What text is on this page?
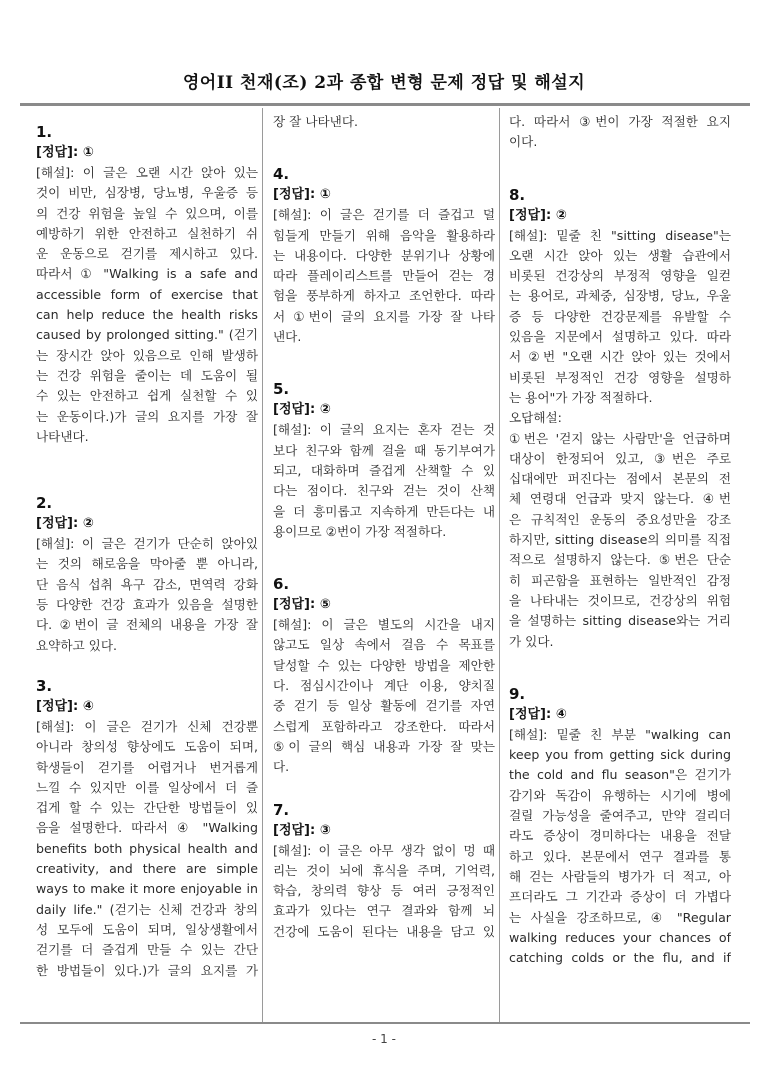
영어II 천재(조) 2과 종합 변형 문제 정답 및 해설지
1.
[정답]: ①
[해설]: 이 글은 오랜 시간 앉아 있는
것이 비만, 심장병, 당뇨병, 우울증 등
의 건강 위험을 높일 수 있으며, 이를
예방하기 위한 안전하고 실천하기 쉬
운 운동으로 걷기를 제시하고 있다.
따라서 ① "Walking is a safe and
accessible form of exercise that
can help reduce the health risks
caused by prolonged sitting." (걷기
는 장시간 앉아 있음으로 인해 발생하
는 건강 위험을 줄이는 데 도움이 될
수 있는 안전하고 쉽게 실천할 수 있
는 운동이다.)가 글의 요지를 가장 잘
나타낸다.
2.
[정답]: ②
[해설]: 이 글은 걷기가 단순히 앉아있
는 것의 해로움을 막아줄 뿐 아니라,
단 음식 섭취 욕구 감소, 면역력 강화
등 다양한 건강 효과가 있음을 설명한
다. ②번이 글 전체의 내용을 가장 잘
요약하고 있다.
3.
[정답]: ④
[해설]: 이 글은 걷기가 신체 건강뿐
아니라 창의성 향상에도 도움이 되며,
학생들이 걷기를 어렵거나 번거롭게
느낄 수 있지만 이를 일상에서 더 즐
겁게 할 수 있는 간단한 방법들이 있
음을 설명한다. 따라서 ④ "Walking
benefits both physical health and
creativity, and there are simple
ways to make it more enjoyable in
daily life." (걷기는 신체 건강과 창의
성 모두에 도움이 되며, 일상생활에서
걷기를 더 즐겁게 만들 수 있는 간단
한 방법들이 있다.)가 글의 요지를 가
장 잘 나타낸다.
4.
[정답]: ①
[해설]: 이 글은 걷기를 더 즐겁고 덜
힘들게 만들기 위해 음악을 활용하라
는 내용이다. 다양한 분위기나 상황에
따라 플레이리스트를 만들어 걷는 경
험을 풍부하게 하자고 조언한다. 따라
서 ①번이 글의 요지를 가장 잘 나타
낸다.
5.
[정답]: ②
[해설]: 이 글의 요지는 혼자 걷는 것
보다 친구와 함께 걸을 때 동기부여가
되고, 대화하며 즐겁게 산책할 수 있
다는 점이다. 친구와 걷는 것이 산책
을 더 흥미롭고 지속하게 만든다는 내
용이므로 ②번이 가장 적절하다.
6.
[정답]: ⑤
[해설]: 이 글은 별도의 시간을 내지
않고도 일상 속에서 걸음 수 목표를
달성할 수 있는 다양한 방법을 제안한
다. 점심시간이나 계단 이용, 양치질
중 걷기 등 일상 활동에 걷기를 자연
스럽게 포함하라고 강조한다. 따라서
⑤이 글의 핵심 내용과 가장 잘 맞는
다.
7.
[정답]: ③
[해설]: 이 글은 아무 생각 없이 멍 때
리는 것이 뇌에 휴식을 주며, 기억력,
학습, 창의력 향상 등 여러 긍정적인
효과가 있다는 연구 결과와 함께 뇌
건강에 도움이 된다는 내용을 담고 있
다. 따라서 ③번이 가장 적절한 요지
이다.
8.
[정답]: ②
[해설]: 밑줄 친 "sitting disease"는
오랜 시간 앉아 있는 생활 습관에서
비롯된 건강상의 부정적 영향을 일컫
는 용어로, 과체중, 심장병, 당뇨, 우울
증 등 다양한 건강문제를 유발할 수
있음을 지문에서 설명하고 있다. 따라
서 ②번 "오랜 시간 앉아 있는 것에서
비롯된 부정적인 건강 영향을 설명하
는 용어"가 가장 적절하다.
오답해설:
①번은 '걷지 않는 사람만'을 언급하며
대상이 한정되어 있고, ③번은 주로
십대에만 퍼진다는 점에서 본문의 전
체 연령대 언급과 맞지 않는다. ④번
은 규칙적인 운동의 중요성만을 강조
하지만, sitting disease의 의미를 직접
적으로 설명하지 않는다. ⑤번은 단순
히 피곤함을 표현하는 일반적인 감정
을 나타내는 것이므로, 건강상의 위험
을 설명하는 sitting disease와는 거리
가 있다.
9.
[정답]: ④
[해설]: 밑줄 친 부분 "walking can
keep you from getting sick during
the cold and flu season"은 걷기가
감기와 독감이 유행하는 시기에 병에
걸릴 가능성을 줄여주고, 만약 걸리더
라도 증상이 경미하다는 내용을 전달
하고 있다. 본문에서 연구 결과를 통
해 걷는 사람들의 병가가 더 적고, 아
프더라도 그 기간과 증상이 더 가볍다
는 사실을 강조하므로, ④ "Regular
walking reduces your chances of
catching colds or the flu, and if
- 1 -
